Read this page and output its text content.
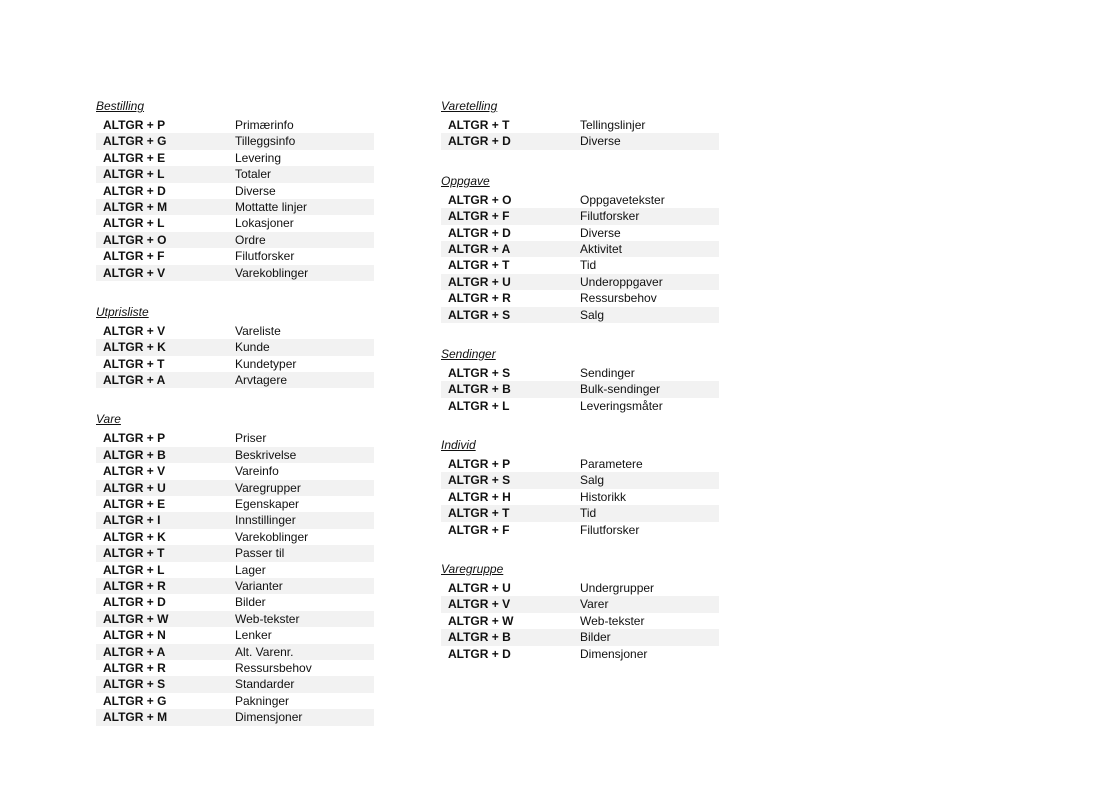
Bestilling
ALTGR + P	Primærinfo
ALTGR + G	Tilleggsinfo
ALTGR + E	Levering
ALTGR + L	Totaler
ALTGR + D	Diverse
ALTGR + M	Mottatte linjer
ALTGR + L	Lokasjoner
ALTGR + O	Ordre
ALTGR + F	Filutforsker
ALTGR + V	Varekoblinger
Utprisliste
ALTGR + V	Vareliste
ALTGR + K	Kunde
ALTGR + T	Kundetyper
ALTGR + A	Arvtagere
Vare
ALTGR + P	Priser
ALTGR + B	Beskrivelse
ALTGR + V	Vareinfo
ALTGR + U	Varegrupper
ALTGR + E	Egenskaper
ALTGR + I	Innstillinger
ALTGR + K	Varekoblinger
ALTGR + T	Passer til
ALTGR + L	Lager
ALTGR + R	Varianter
ALTGR + D	Bilder
ALTGR + W	Web-tekster
ALTGR + N	Lenker
ALTGR + A	Alt. Varenr.
ALTGR + R	Ressursbehov
ALTGR + S	Standarder
ALTGR + G	Pakninger
ALTGR + M	Dimensjoner
Varetelling
ALTGR + T	Tellingslinjer
ALTGR + D	Diverse
Oppgave
ALTGR + O	Oppgavetekster
ALTGR + F	Filutforsker
ALTGR + D	Diverse
ALTGR + A	Aktivitet
ALTGR + T	Tid
ALTGR + U	Underoppgaver
ALTGR + R	Ressursbehov
ALTGR + S	Salg
Sendinger
ALTGR + S	Sendinger
ALTGR + B	Bulk-sendinger
ALTGR + L	Leveringsmåter
Individ
ALTGR + P	Parametere
ALTGR + S	Salg
ALTGR + H	Historikk
ALTGR + T	Tid
ALTGR + F	Filutforsker
Varegruppe
ALTGR + U	Undergrupper
ALTGR + V	Varer
ALTGR + W	Web-tekster
ALTGR + B	Bilder
ALTGR + D	Dimensjoner
